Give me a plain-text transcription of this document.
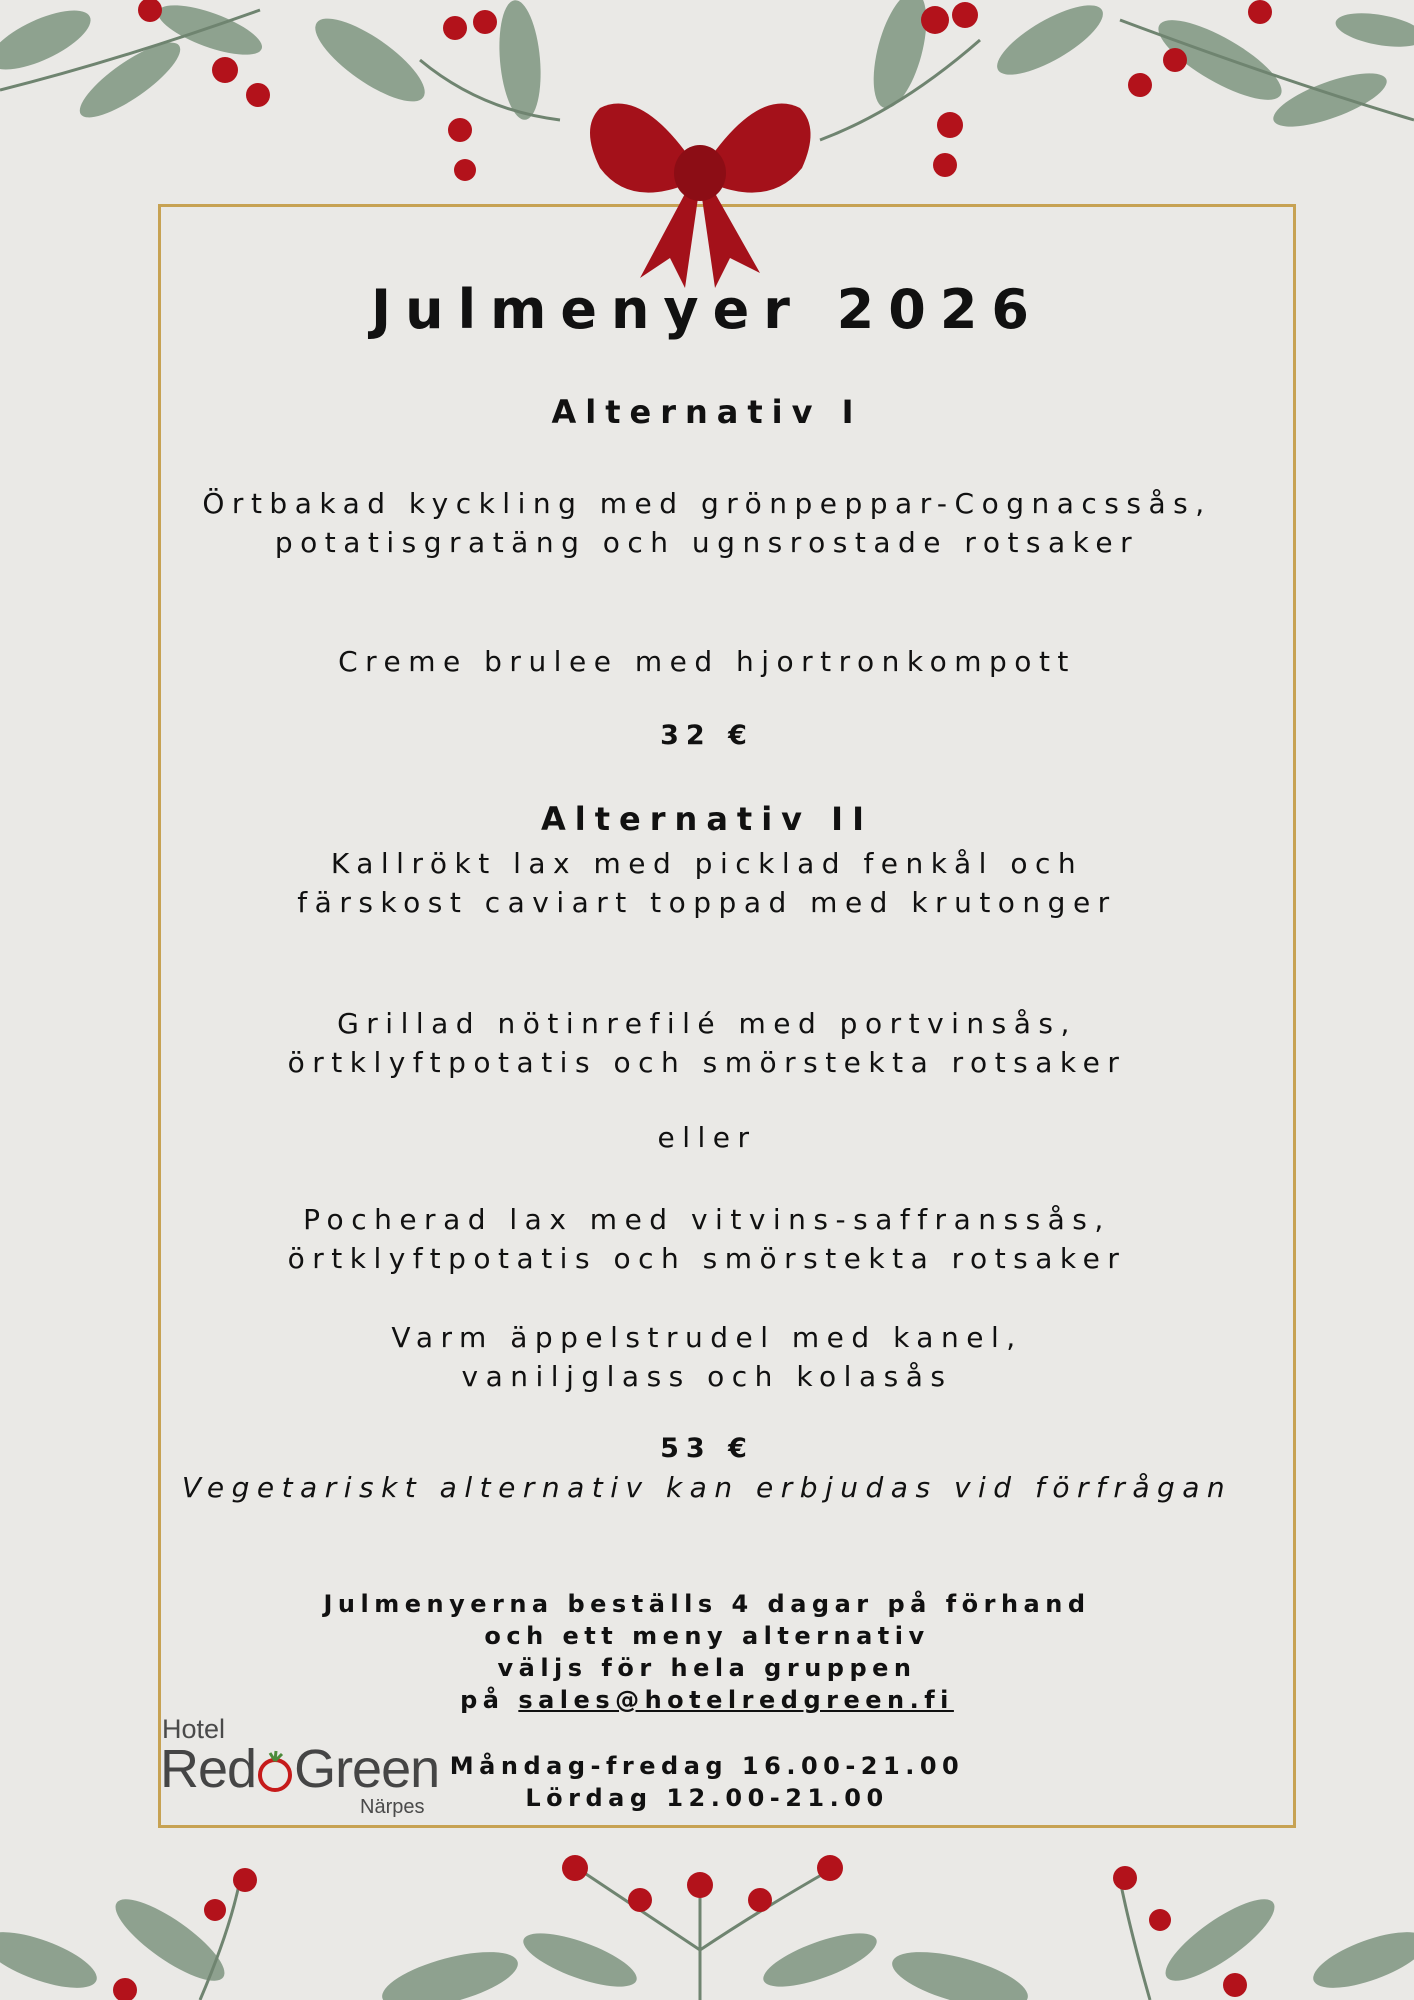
Julmenyer 2026
Alternativ I
Örtbakad kyckling med grönpeppar-Cognacssås,
potatisgratäng och ugnsrostade rotsaker
Creme brulee med hjortronkompott
32 €
Alternativ II
Kallrökt lax med picklad fenkål och
färskost caviart toppad med krutonger
Grillad nötinrefilé med portvinsås,
örtklyftpotatis och smörstekta rotsaker
eller
Pocherad lax med vitvins-saffranssås,
örtklyftpotatis och smörstekta rotsaker
Varm äppelstrudel med kanel,
vaniljglass och kolasås
53 €
Vegetariskt alternativ kan erbjudas vid förfrågan
Julmenyerna beställs 4 dagar på förhand
och ett meny alternativ
väljs för hela gruppen
på sales@hotelredgreen.fi
Måndag-fredag 16.00-21.00
Lördag 12.00-21.00
Hotel
Red Green
Närpes
